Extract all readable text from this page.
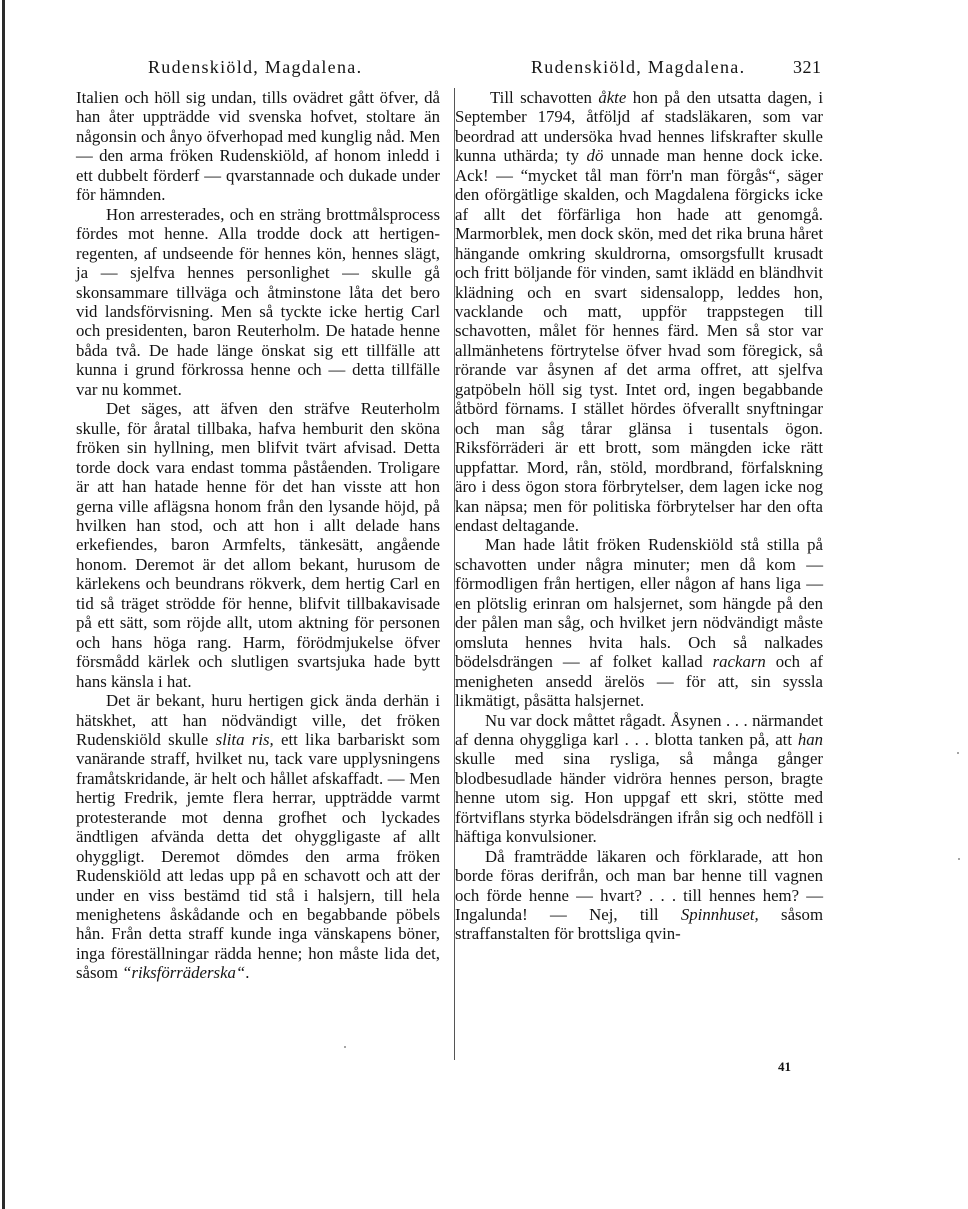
Rudenskiöld, Magdalena.	Rudenskiöld, Magdalena.	321

Italien och höll sig undan, tills ovädret gått öfver, då han åter uppträdde vid svenska hofvet, stoltare än någonsin och ånyo öfverhopad med kunglig nåd. Men — den arma fröken Rudenskiöld, af honom inledd i ett dubbelt förderf — qvarstannade och dukade under för hämnden.

Hon arresterades, och en sträng brottmålsprocess fördes mot henne. Alla trodde dock att hertigen-regenten, af undseende för hennes kön, hennes slägt, ja — sjelfva hennes personlighet — skulle gå skonsammare tillväga och åtminstone låta det bero vid landsförvisning. Men så tyckte icke hertig Carl och presidenten, baron Reuterholm. De hatade henne båda två. De hade länge önskat sig ett tillfälle att kunna i grund förkrossa henne och — detta tillfälle var nu kommet.

Det säges, att äfven den sträfve Reuterholm skulle, för åratal tillbaka, hafva hemburit den sköna fröken sin hyllning, men blifvit tvärt afvisad. Detta torde dock vara endast tomma påståenden. Troligare är att han hatade henne för det han visste att hon gerna ville aflägsna honom från den lysande höjd, på hvilken han stod, och att hon i allt delade hans erkefiendes, baron Armfelts, tänkesätt, angående honom. Deremot är det allom bekant, hurusom de kärlekens och beundrans rökverk, dem hertig Carl en tid så träget strödde för henne, blifvit tillbakavisade på ett sätt, som röjde allt, utom aktning för personen och hans höga rang. Harm, förödmjukelse öfver försmådd kärlek och slutligen svartsjuka hade bytt hans känsla i hat.

Det är bekant, huru hertigen gick ända derhän i hätskhet, att han nödvändigt ville, det fröken Rudenskiöld skulle slita ris, ett lika barbariskt som vanärande straff, hvilket nu, tack vare upplysningens framåtskridande, är helt och hållet afskaffadt. — Men hertig Fredrik, jemte flera herrar, uppträdde varmt protesterande mot denna grofhet och lyckades ändtligen afvända detta det ohyggligaste af allt ohyggligt. Deremot dömdes den arma fröken Rudenskiöld att ledas upp på en schavott och att der under en viss bestämd tid stå i halsjern, till hela menighetens åskådande och en begabbande pöbels hån. Från detta straff kunde inga vänskapens böner, inga föreställningar rädda henne; hon måste lida det, såsom “riksförräderska“.

Till schavotten åkte hon på den utsatta dagen, i September 1794, åtföljd af stadsläkaren, som var beordrad att undersöka hvad hennes lifskrafter skulle kunna uthärda; ty dö unnade man henne dock icke. Ack! — “mycket tål man förr'n man förgås“, säger den oförgätlige skalden, och Magdalena förgicks icke af allt det förfärliga hon hade att genomgå. Marmorblek, men dock skön, med det rika bruna håret hängande omkring skuldrorna, omsorgsfullt krusadt och fritt böljande för vinden, samt iklädd en bländhvit klädning och en svart sidensalopp, leddes hon, vacklande och matt, uppför trappstegen till schavotten, målet för hennes färd. Men så stor var allmänhetens förtrytelse öfver hvad som föregick, så rörande var åsynen af det arma offret, att sjelfva gatpöbeln höll sig tyst. Intet ord, ingen begabbande åtbörd förnams. I stället hördes öfverallt snyftningar och man såg tårar glänsa i tusentals ögon. Riksförräderi är ett brott, som mängden icke rätt uppfattar. Mord, rån, stöld, mordbrand, förfalskning äro i dess ögon stora förbrytelser, dem lagen icke nog kan näpsa; men för politiska förbrytelser har den ofta endast deltagande.

Man hade låtit fröken Rudenskiöld stå stilla på schavotten under några minuter; men då kom — förmodligen från hertigen, eller någon af hans liga — en plötslig erinran om halsjernet, som hängde på den der pålen man såg, och hvilket jern nödvändigt måste omsluta hennes hvita hals. Och så nalkades bödelsdrängen — af folket kallad rackarn och af menigheten ansedd ärelös — för att, sin syssla likmätigt, påsätta halsjernet.

Nu var dock måttet rågadt. Åsynen . . . närmandet af denna ohyggliga karl . . . blotta tanken på, att han skulle med sina rysliga, så många gånger blodbesudlade händer vidröra hennes person, bragte henne utom sig. Hon uppgaf ett skri, stötte med förtviflans styrka bödelsdrängen ifrån sig och nedföll i häftiga konvulsioner.

Då framträdde läkaren och förklarade, att hon borde föras derifrån, och man bar henne till vagnen och förde henne — hvart? . . . till hennes hem? — Ingalunda! — Nej, till Spinnhuset, såsom straffanstalten för brottsliga qvin-

41
